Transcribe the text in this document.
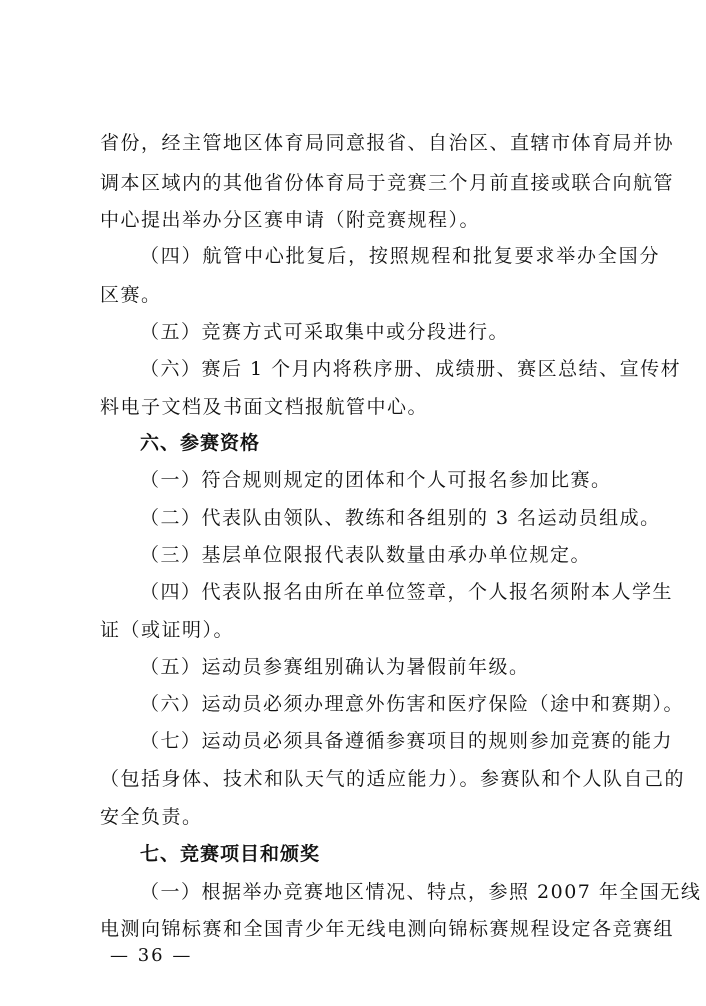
省份，经主管地区体育局同意报省、自治区、直辖市体育局并协
调本区域内的其他省份体育局于竞赛三个月前直接或联合向航管
中心提出举办分区赛申请（附竞赛规程）。
（四）航管中心批复后，按照规程和批复要求举办全国分
区赛。
（五）竞赛方式可采取集中或分段进行。
（六）赛后 1 个月内将秩序册、成绩册、赛区总结、宣传材
料电子文档及书面文档报航管中心。
六、参赛资格
（一）符合规则规定的团体和个人可报名参加比赛。
（二）代表队由领队、教练和各组别的 3 名运动员组成。
（三）基层单位限报代表队数量由承办单位规定。
（四）代表队报名由所在单位签章，个人报名须附本人学生
证（或证明）。
（五）运动员参赛组别确认为暑假前年级。
（六）运动员必须办理意外伤害和医疗保险（途中和赛期）。
（七）运动员必须具备遵循参赛项目的规则参加竞赛的能力
（包括身体、技术和队天气的适应能力）。参赛队和个人队自己的
安全负责。
七、竞赛项目和颁奖
（一）根据举办竞赛地区情况、特点，参照 2007 年全国无线
电测向锦标赛和全国青少年无线电测向锦标赛规程设定各竞赛组
— 36 —
